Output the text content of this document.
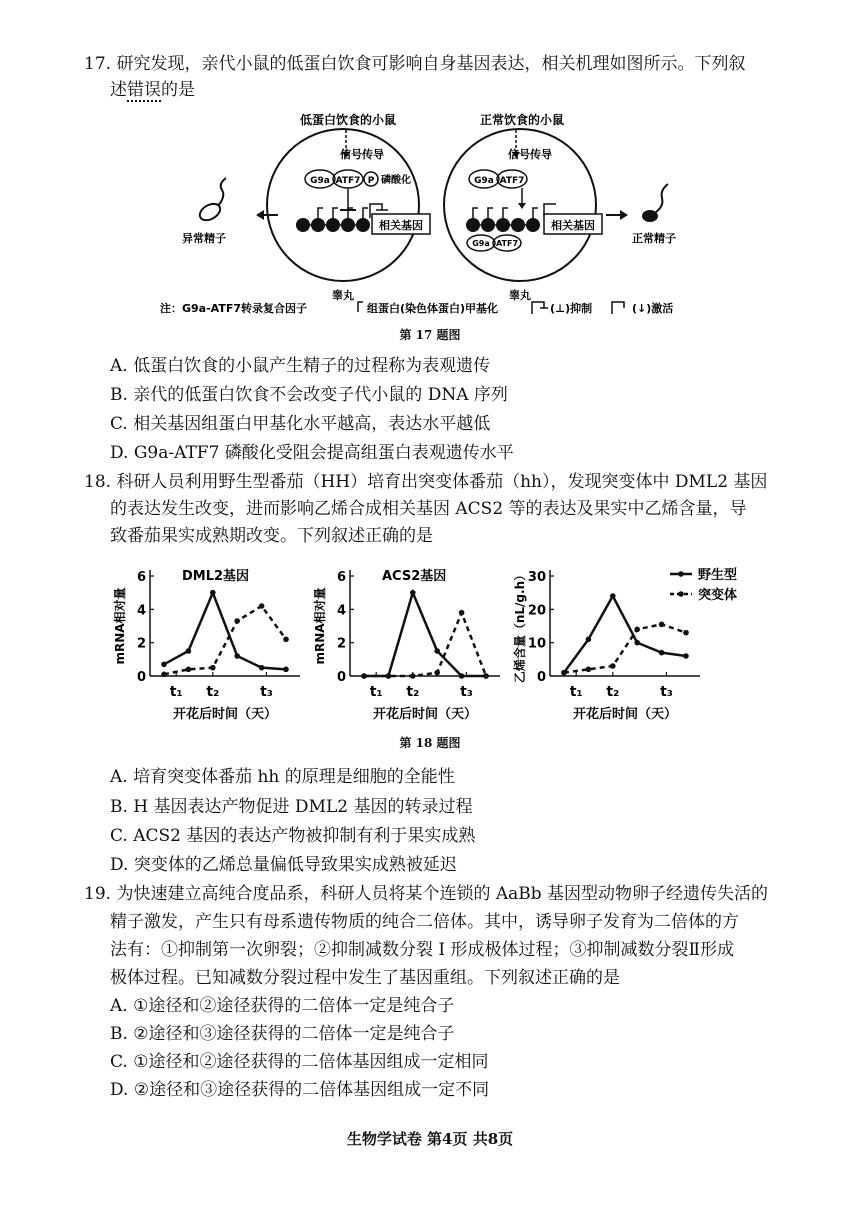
17. 研究发现，亲代小鼠的低蛋白饮食可影响自身基因表达，相关机理如图所示。下列叙
述错误的是
低蛋白饮食的小鼠	正常饮食的小鼠
信号传导
G9a ATF7 P 磷酸化
相关基因
睾丸
信号传导
G9a ATF7
相关基因
G9a ATF7
睾丸
异常精子	正常精子
注：G9a-ATF7转录复合因子	组蛋白(染色体蛋白)甲基化	(⊥)抑制	(↓)激活
第 17 题图
A. 低蛋白饮食的小鼠产生精子的过程称为表观遗传
B. 亲代的低蛋白饮食不会改变子代小鼠的 DNA 序列
C. 相关基因组蛋白甲基化水平越高，表达水平越低
D. G9a-ATF7 磷酸化受阻会提高组蛋白表观遗传水平
18. 科研人员利用野生型番茄（HH）培育出突变体番茄（hh），发现突变体中 DML2 基因
的表达发生改变，进而影响乙烯合成相关基因 ACS2 等的表达及果实中乙烯含量，导
致番茄果实成熟期改变。下列叙述正确的是
0
2
4
6
t₁ t₂	t₃
DML2基因
mRNA相对量
开花后时间（天）
0
2
4
6
t₁ t₂	t₃
ACS2基因
mRNA相对量
开花后时间（天）
0
10
20
30
t₁ t₂	t₃
乙烯含量（nL/g.h）
开花后时间（天）
野生型
突变体
第 18 题图
A. 培育突变体番茄 hh 的原理是细胞的全能性
B. H 基因表达产物促进 DML2 基因的转录过程
C. ACS2 基因的表达产物被抑制有利于果实成熟
D. 突变体的乙烯总量偏低导致果实成熟被延迟
19. 为快速建立高纯合度品系，科研人员将某个连锁的 AaBb 基因型动物卵子经遗传失活的
精子激发，产生只有母系遗传物质的纯合二倍体。其中，诱导卵子发育为二倍体的方
法有：①抑制第一次卵裂；②抑制减数分裂 I 形成极体过程；③抑制减数分裂Ⅱ形成
极体过程。已知减数分裂过程中发生了基因重组。下列叙述正确的是
A. ①途径和②途径获得的二倍体一定是纯合子
B. ②途径和③途径获得的二倍体一定是纯合子
C. ①途径和②途径获得的二倍体基因组成一定相同
D. ②途径和③途径获得的二倍体基因组成一定不同
生物学试卷 第4页 共8页
